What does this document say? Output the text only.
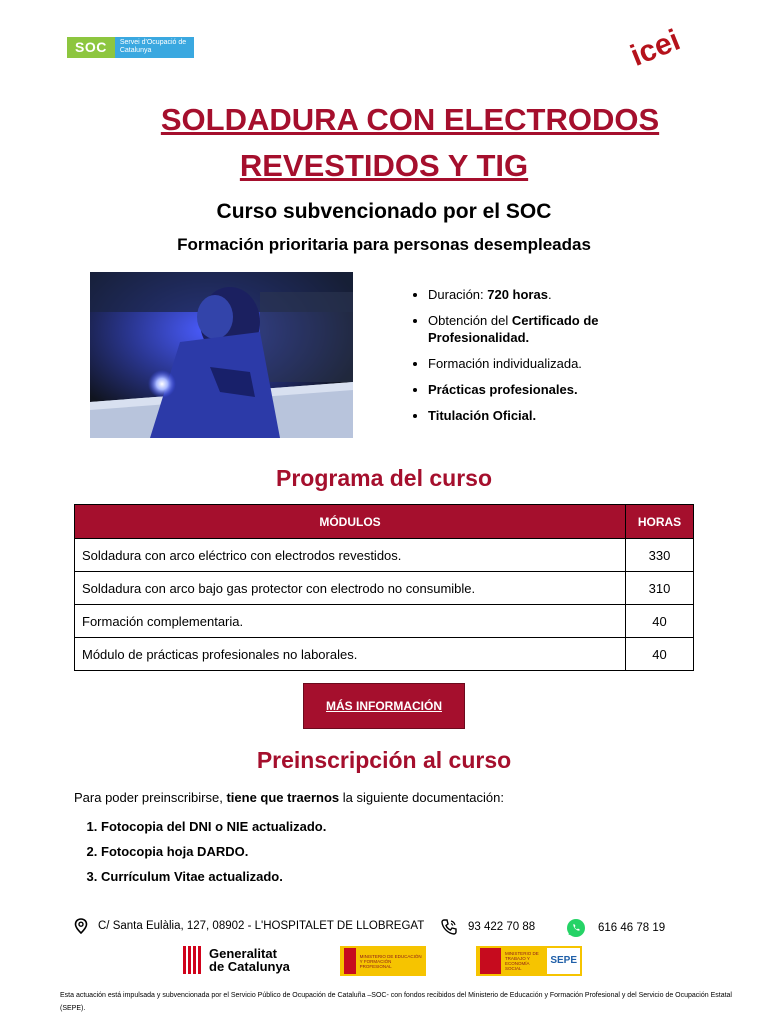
SOC	Servei d'Ocupació de Catalunya	icei
SOLDADURA CON ELECTRODOS
REVESTIDOS Y TIG
Curso subvencionado por el SOC
Formación prioritaria para personas desempleadas
• Duración: 720 horas.
• Obtención del Certificado de Profesionalidad.
• Formación individualizada.
• Prácticas profesionales.
• Titulación Oficial.
Programa del curso
MÓDULOS	HORAS
Soldadura con arco eléctrico con electrodos revestidos.	330
Soldadura con arco bajo gas protector con electrodo no consumible.	310
Formación complementaria.	40
Módulo de prácticas profesionales no laborales.	40
MÁS INFORMACIÓN
Preinscripción al curso
Para poder preinscribirse, tiene que traernos la siguiente documentación:
1. Fotocopia del DNI o NIE actualizado.
2. Fotocopia hoja DARDO.
3. Currículum Vitae actualizado.
C/ Santa Eulàlia, 127, 08902 - L'HOSPITALET DE LLOBREGAT	93 422 70 88	616 46 78 19
Generalitat
de Catalunya
MINISTERIO DE EDUCACIÓN Y FORMACIÓN PROFESIONAL
MINISTERIO DE TRABAJO Y ECONOMÍA SOCIAL
SEPE
Esta actuación está impulsada y subvencionada por el Servicio Público de Ocupación de Cataluña –SOC- con fondos recibidos del Ministerio de Educación y Formación Profesional y del Servicio de Ocupación Estatal (SEPE).
